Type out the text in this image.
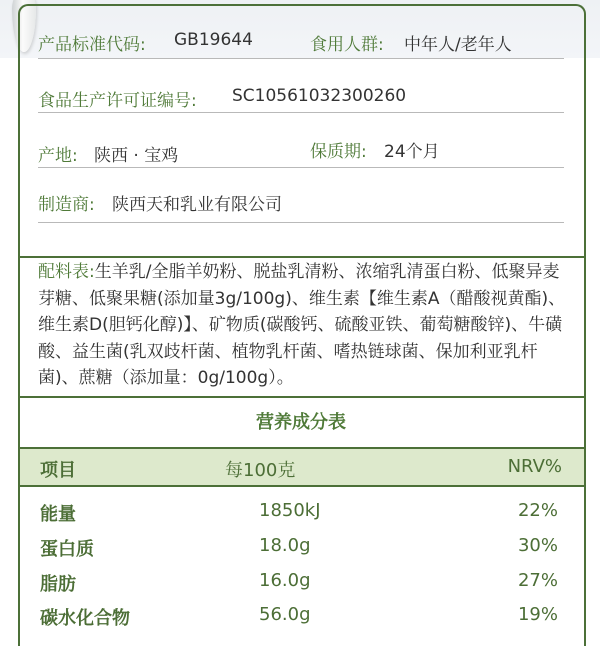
产品标准代码: GB19644	食用人群: 中年人/老年人
食品生产许可证编号: SC10561032300260
产地: 陕西 · 宝鸡	保质期: 24个月
制造商: 陕西天和乳业有限公司
配料表:生羊乳/全脂羊奶粉、脱盐乳清粉、浓缩乳清蛋白粉、低聚异麦芽糖、低聚果糖(添加量3g/100g)、维生素【维生素A（醋酸视黄酯)、维生素D(胆钙化醇)】、矿物质(碳酸钙、硫酸亚铁、葡萄糖酸锌)、牛磺酸、益生菌(乳双歧杆菌、植物乳杆菌、嗜热链球菌、保加利亚乳杆菌)、蔗糖（添加量：0g/100g）。
营养成分表
项目	每100克	NRV%
能量	1850kJ	22%
蛋白质	18.0g	30%
脂肪	16.0g	27%
碳水化合物	56.0g	19%
